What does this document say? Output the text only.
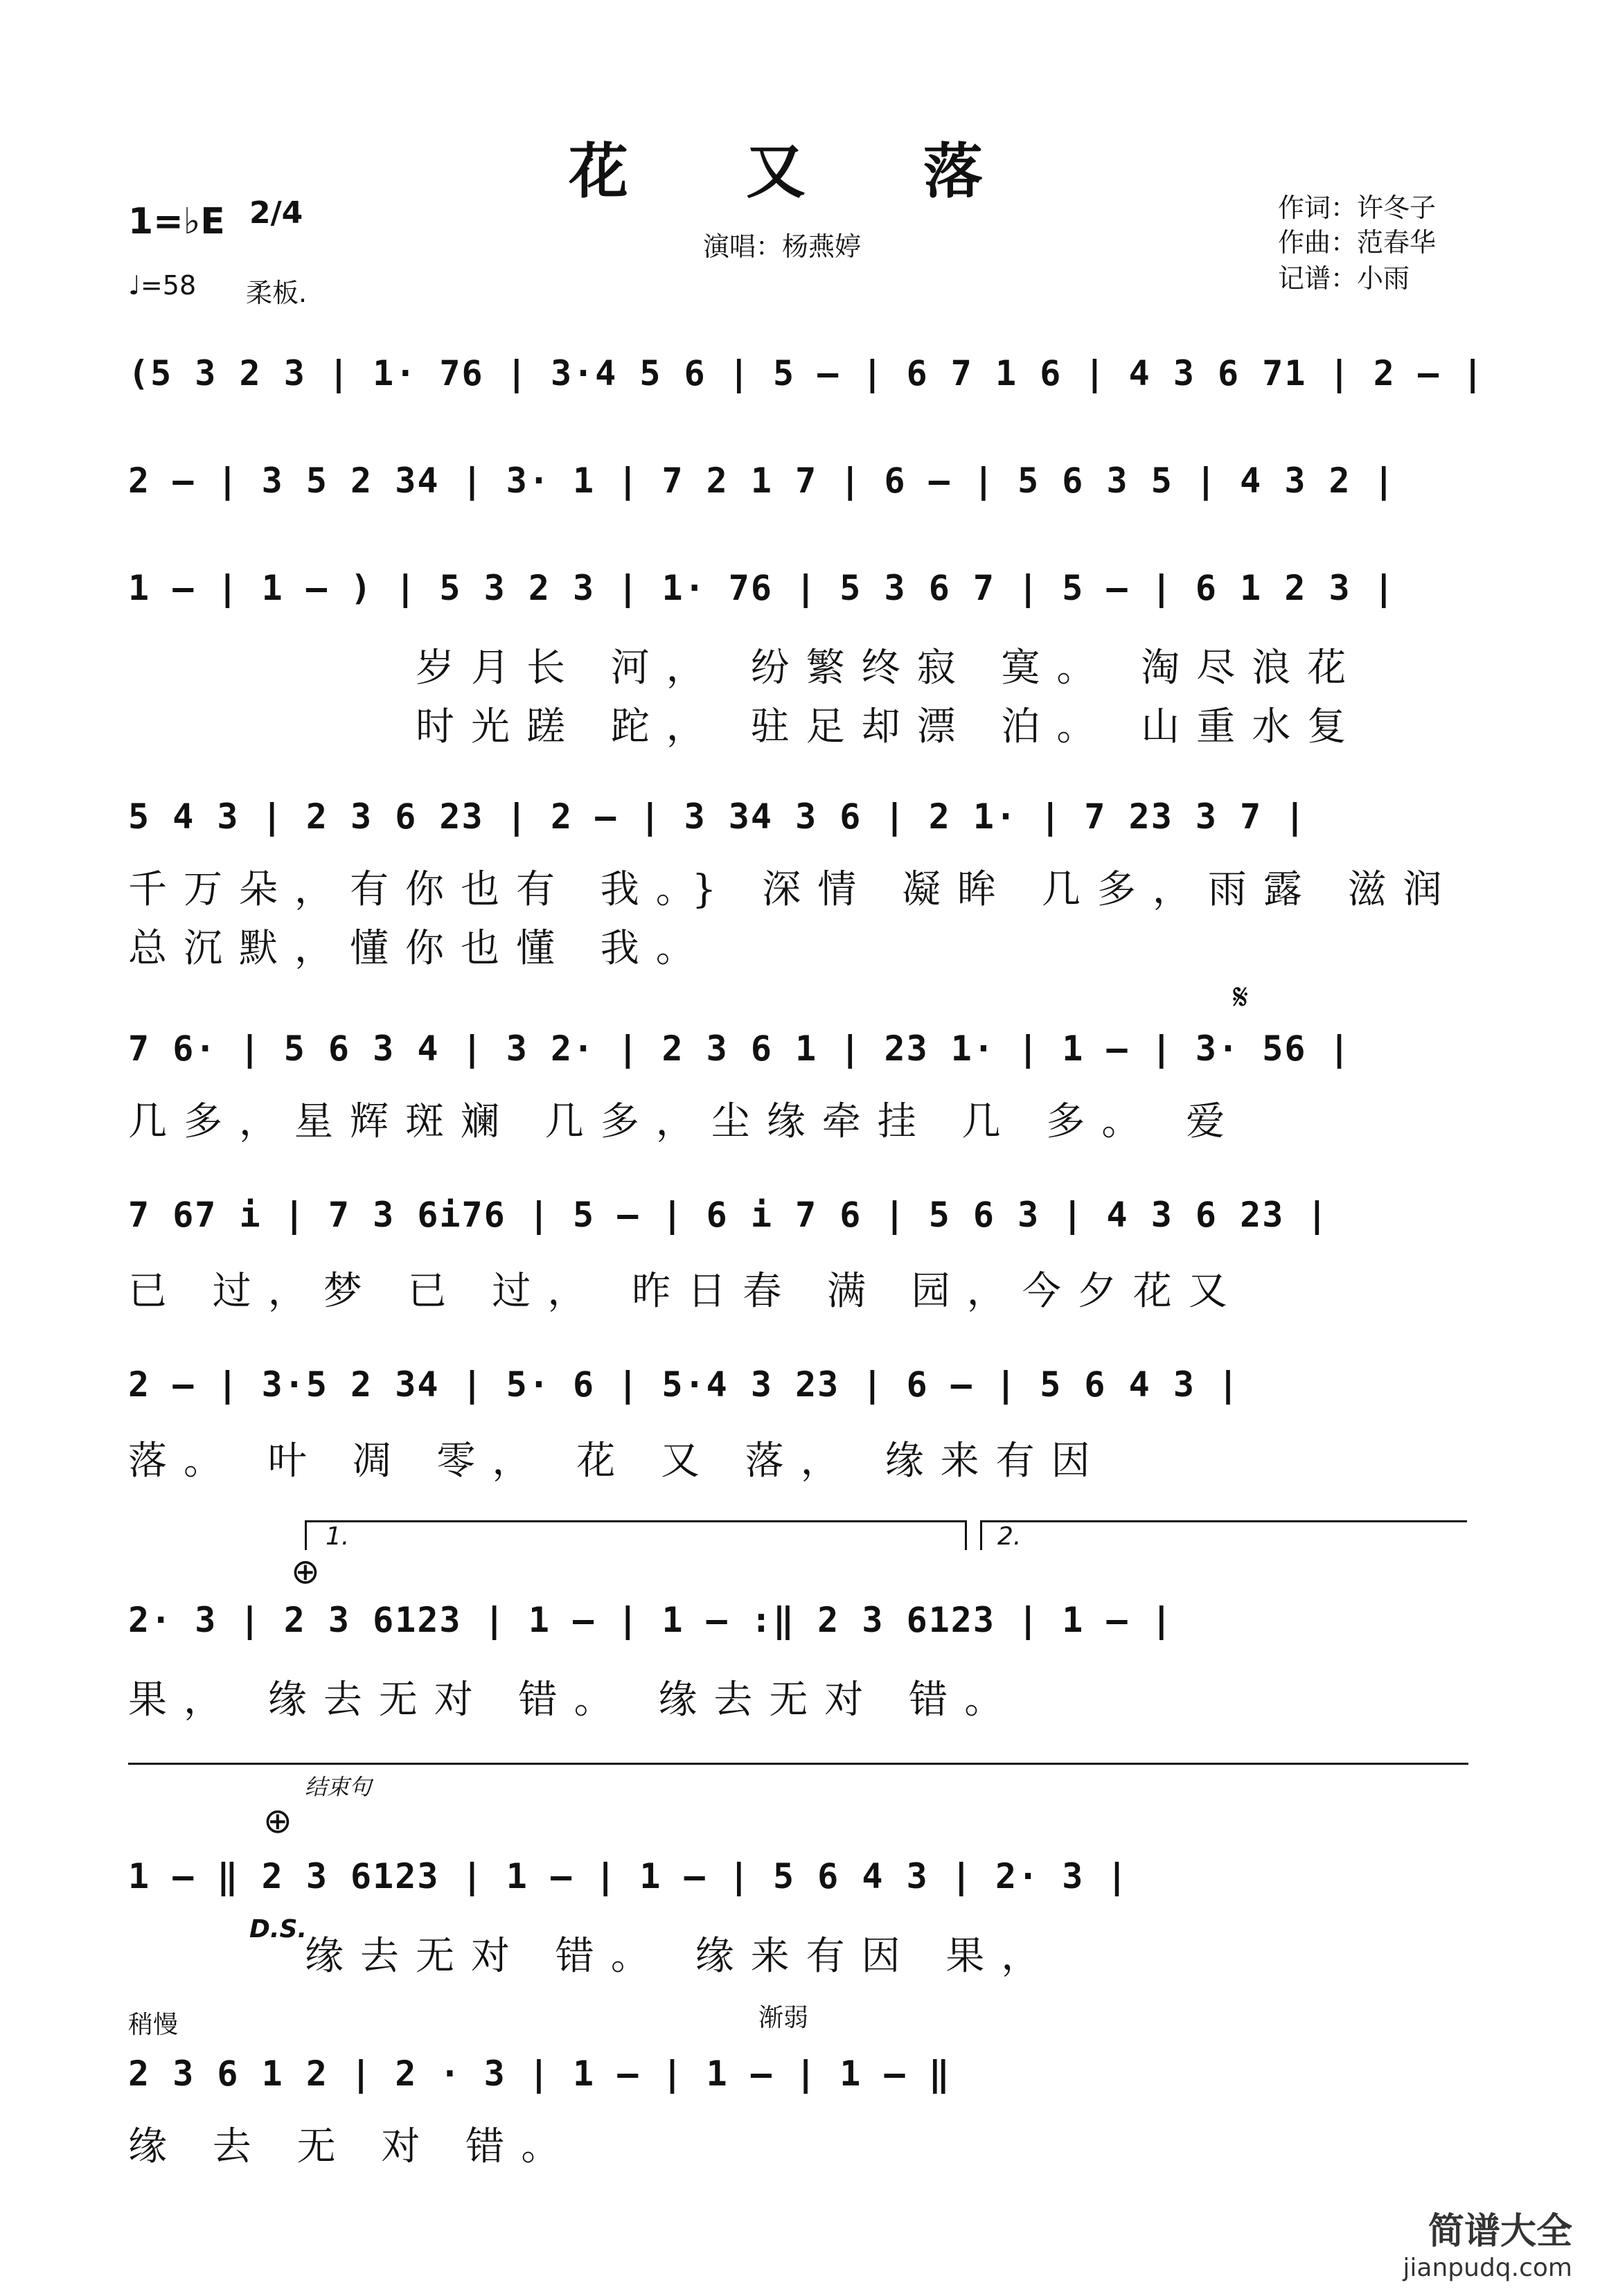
花 又 落
1=♭E 2/4
♩=58 柔板.
演唱：杨燕婷
作词：许冬子
作曲：范春华
记谱：小雨
(5 3 2 3 | 1· 76 | 3·4 5 6 | 5 – | 6 7 1 6 | 4 3 6 71 | 2 – |
2 – | 3 5 2 34 | 3· 1 | 7 2 1 7 | 6 – | 5 6 3 5 | 4 3 2 |
1 – | 1 – ) | 5 3 2 3 | 1· 76 | 5 3 6 7 | 5 – | 6 1 2 3 |
岁月长 河， 纷繁终寂 寞。 淘尽浪花
时光蹉 跎， 驻足却漂 泊。 山重水复
5 4 3 | 2 3 6 23 | 2 – | 3 34 3 6 | 2 1· | 7 23 3 7 |
千万朵，有你也有 我。} 深情 凝眸 几多，雨露 滋润
总沉默，懂你也懂 我。
𝄋
7 6· | 5 6 3 4 | 3 2· | 2 3 6 1 | 23 1· | 1 – | 3· 56 |
几多，星辉斑斓 几多，尘缘牵挂 几 多。 爱
7 67 i | 7 3 6i76 | 5 – | 6 i 7 6 | 5 6 3 | 4 3 6 23 |
已 过，梦 已 过， 昨日春 满 园，今夕花又
2 – | 3·5 2 34 | 5· 6 | 5·4 3 23 | 6 – | 5 6 4 3 |
落。 叶 凋 零， 花 又 落， 缘来有因
1.	2.
⊕
2· 3 | 2 3 6123 | 1 – | 1 – :‖ 2 3 6123 | 1 – |
果， 缘去无对 错。 缘去无对 错。
结束句
⊕
1 – ‖ 2 3 6123 | 1 – | 1 – | 5 6 4 3 | 2· 3 |
D.S.
缘去无对 错。 缘来有因 果，
稍慢	渐弱
2 3 6 1 2 | 2 · 3 | 1 – | 1 – | 1 – ‖
缘 去 无 对 错。
简谱大全
jianpudq.com
